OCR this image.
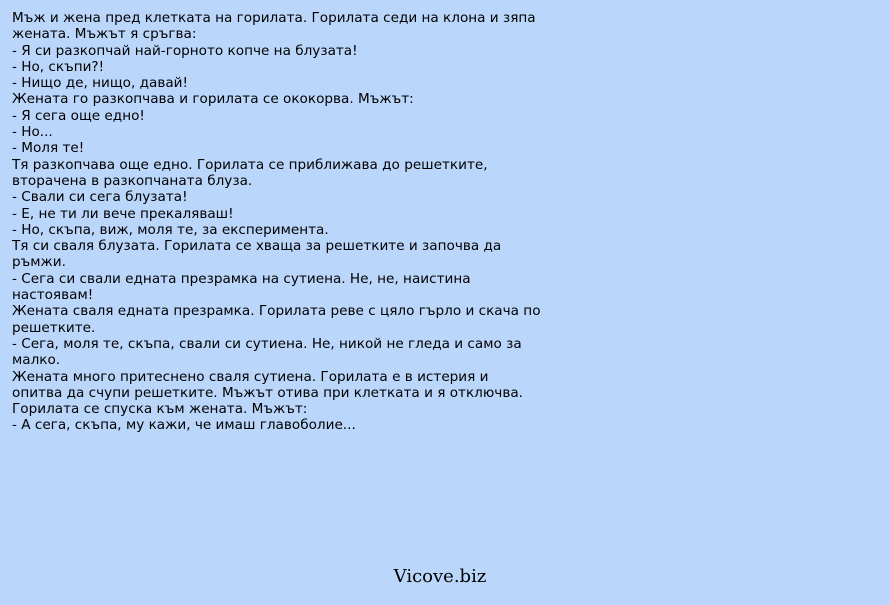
Мъж и жена пред клетката на горилата. Горилата седи на клона и зяпа
жената. Мъжът я сръгва:
- Я си разкопчай най-горното копче на блузата!
- Но, скъпи?!
- Нищо де, нищо, давай!
Жената го разкопчава и горилата се ококорва. Мъжът:
- Я сега още едно!
- Но...
- Моля те!
Тя разкопчава още едно. Горилата се приближава до решетките,
вторачена в разкопчаната блуза.
- Свали си сега блузата!
- Е, не ти ли вече прекаляваш!
- Но, скъпа, виж, моля те, за експеримента.
Тя си сваля блузата. Горилата се хваща за решетките и започва да
ръмжи.
- Сега си свали едната презрамка на сутиена. Не, не, наистина
настоявам!
Жената сваля едната презрамка. Горилата реве с цяло гърло и скача по
решетките.
- Сега, моля те, скъпа, свали си сутиена. Не, никой не гледа и само за
малко.
Жената много притеснено сваля сутиена. Горилата е в истерия и
опитва да счупи решетките. Мъжът отива при клетката и я отключва.
Горилата се спуска към жената. Мъжът:
- А сега, скъпа, му кажи, че имаш главоболие...
Vicove.biz
